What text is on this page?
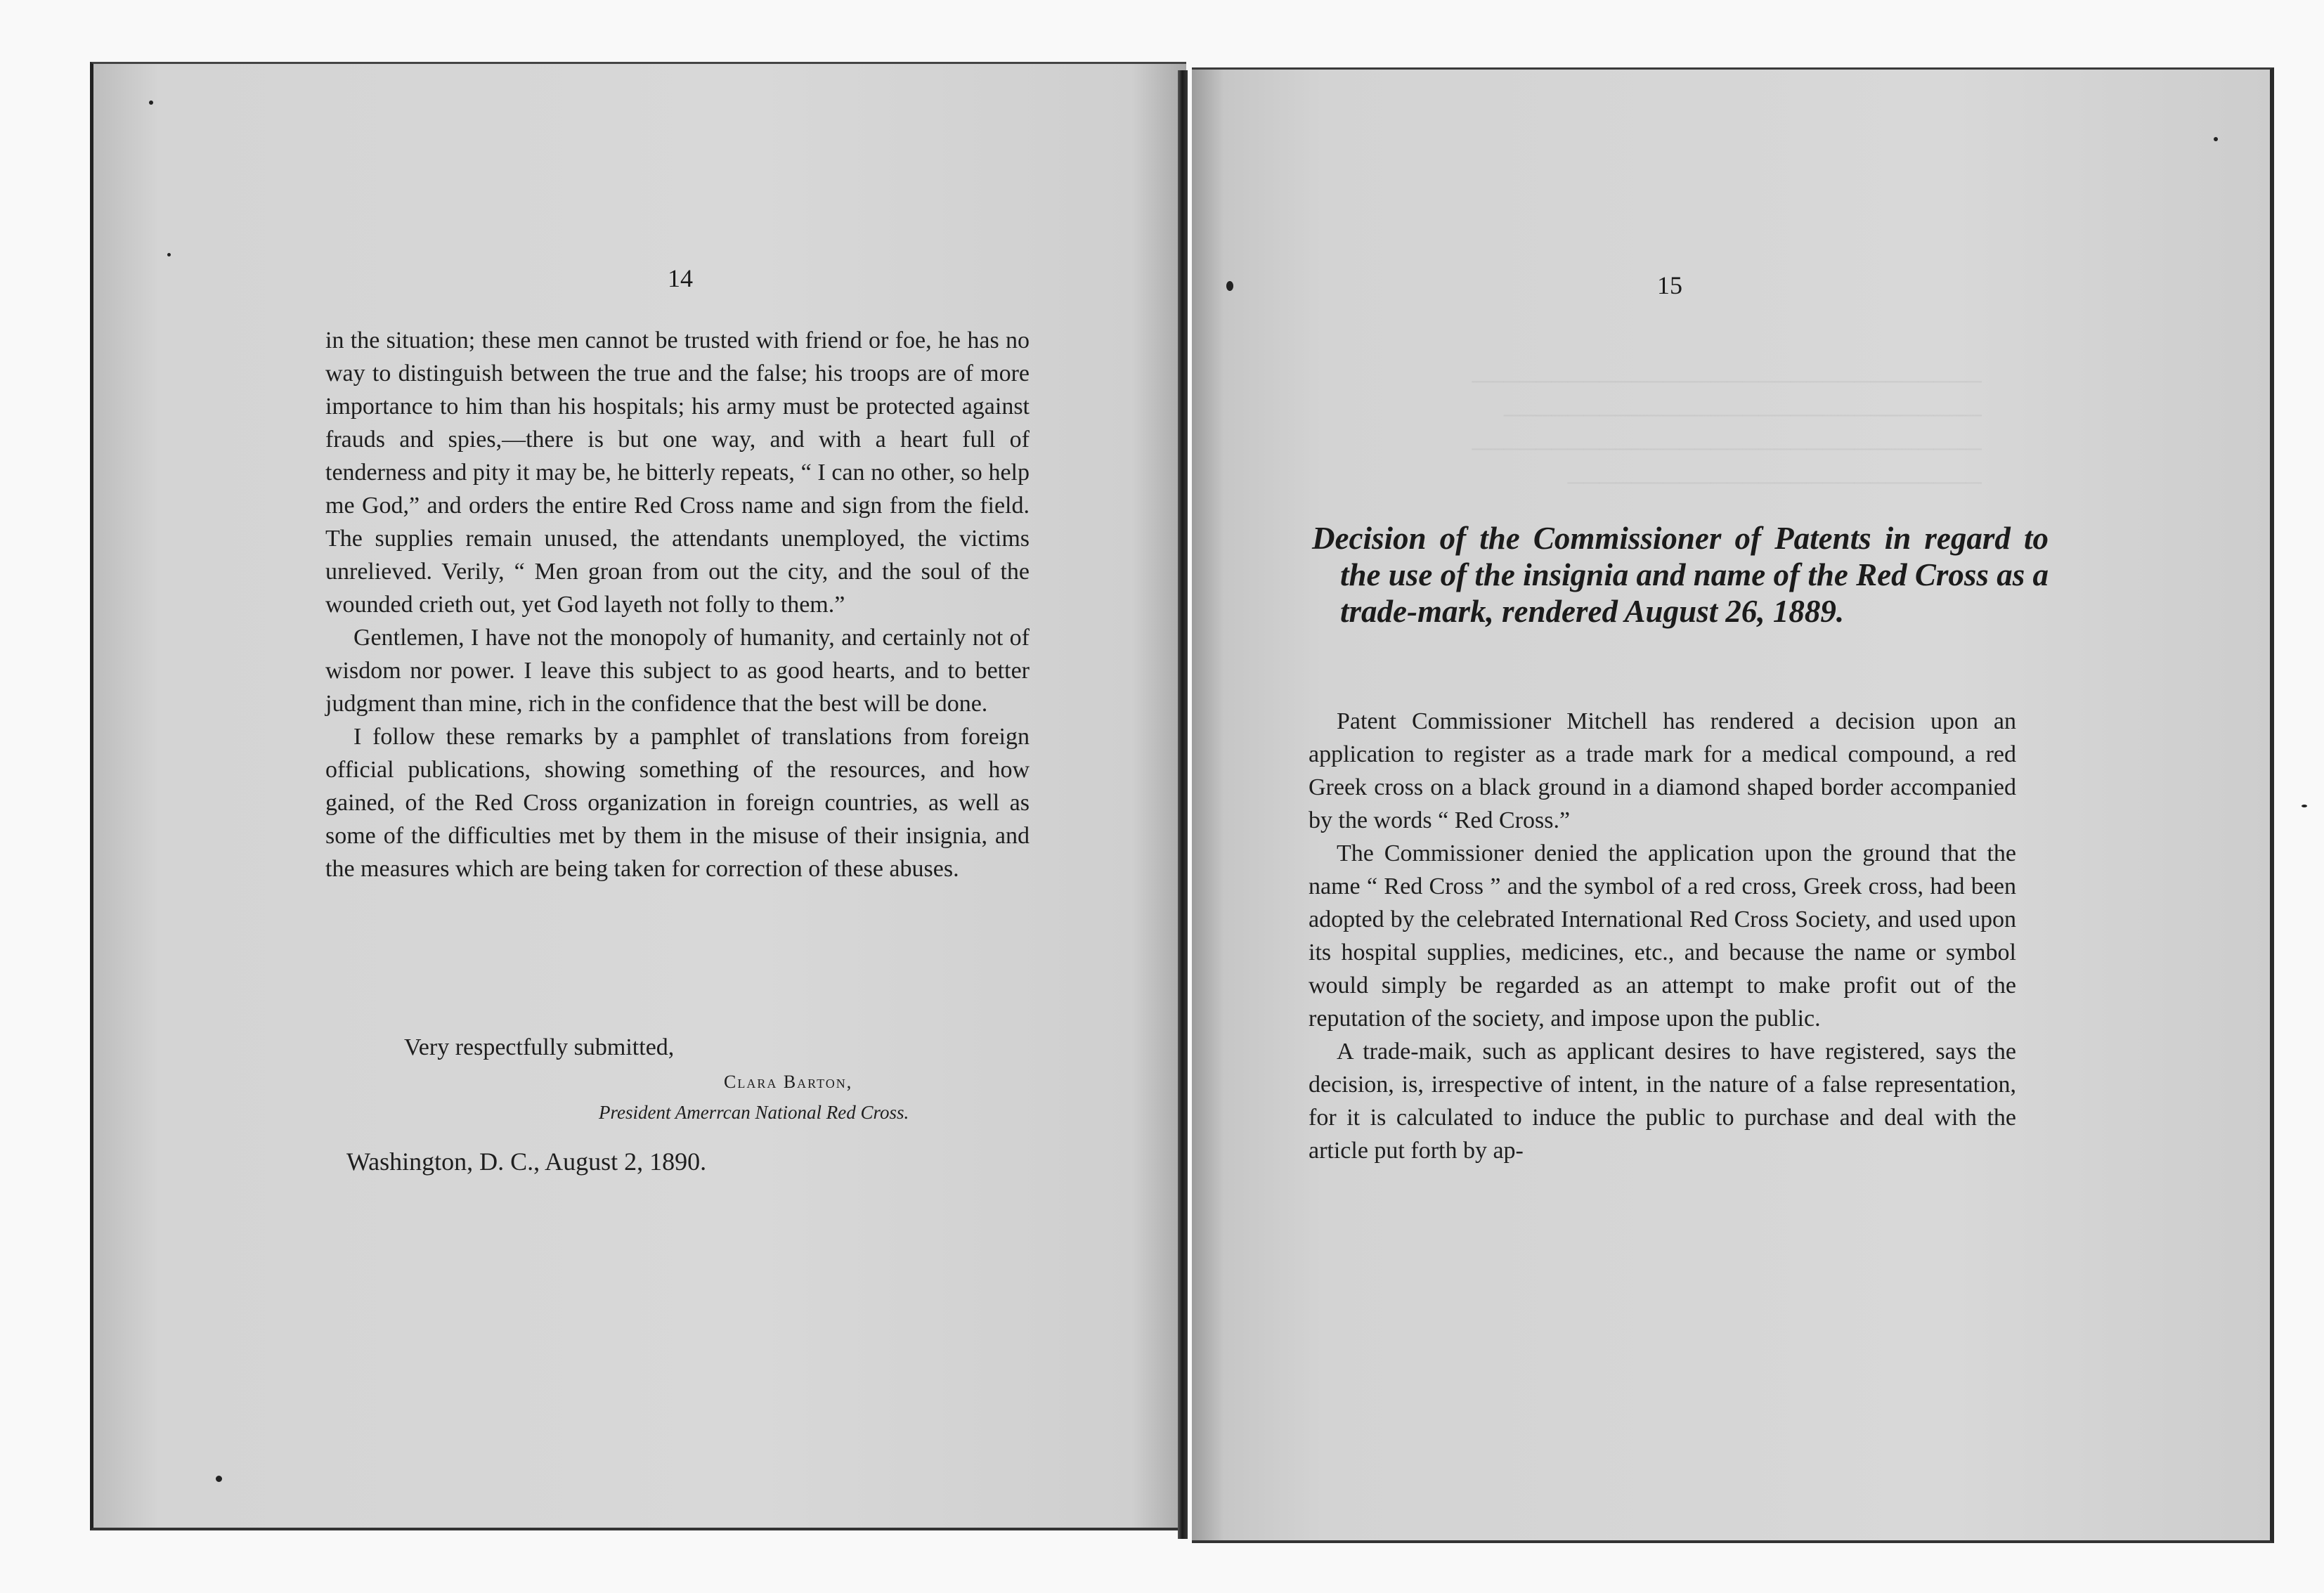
14

in the situation; these men cannot be trusted with friend or foe, he has no way to distinguish between the true and the false; his troops are of more importance to him than his hospitals; his army must be protected against frauds and spies,—there is but one way, and with a heart full of tenderness and pity it may be, he bitterly repeats, “ I can no other, so help me God,” and orders the entire Red Cross name and sign from the field. The supplies remain unused, the attendants unemployed, the victims unrelieved. Verily, “ Men groan from out the city, and the soul of the wounded crieth out, yet God layeth not folly to them.”

Gentlemen, I have not the monopoly of humanity, and certainly not of wisdom nor power. I leave this subject to as good hearts, and to better judgment than mine, rich in the confidence that the best will be done.

I follow these remarks by a pamphlet of translations from foreign official publications, showing something of the resources, and how gained, of the Red Cross organization in foreign countries, as well as some of the difficulties met by them in the misuse of their insignia, and the measures which are being taken for correction of these abuses.

Very respectfully submitted,
Clara Barton,
President Amerrcan National Red Cross.
Washington, D. C., August 2, 1890.

────────────────────────────────
──────────────────────────────
────────────────────────────────
──────────────────────────
15
Decision of the Commissioner of Patents in regard to the use of the insignia and name of the Red Cross as a trade-mark, rendered August 26, 1889.

Patent Commissioner Mitchell has rendered a decision upon an application to register as a trade mark for a medical compound, a red Greek cross on a black ground in a diamond shaped border accompanied by the words “ Red Cross.”

The Commissioner denied the application upon the ground that the name “ Red Cross ” and the symbol of a red cross, Greek cross, had been adopted by the celebrated International Red Cross Society, and used upon its hospital supplies, medicines, etc., and because the name or symbol would simply be regarded as an attempt to make profit out of the reputation of the society, and impose upon the public.

A trade-maik, such as applicant desires to have registered, says the decision, is, irrespective of intent, in the nature of a false representation, for it is calculated to induce the public to purchase and deal with the article put forth by ap-
